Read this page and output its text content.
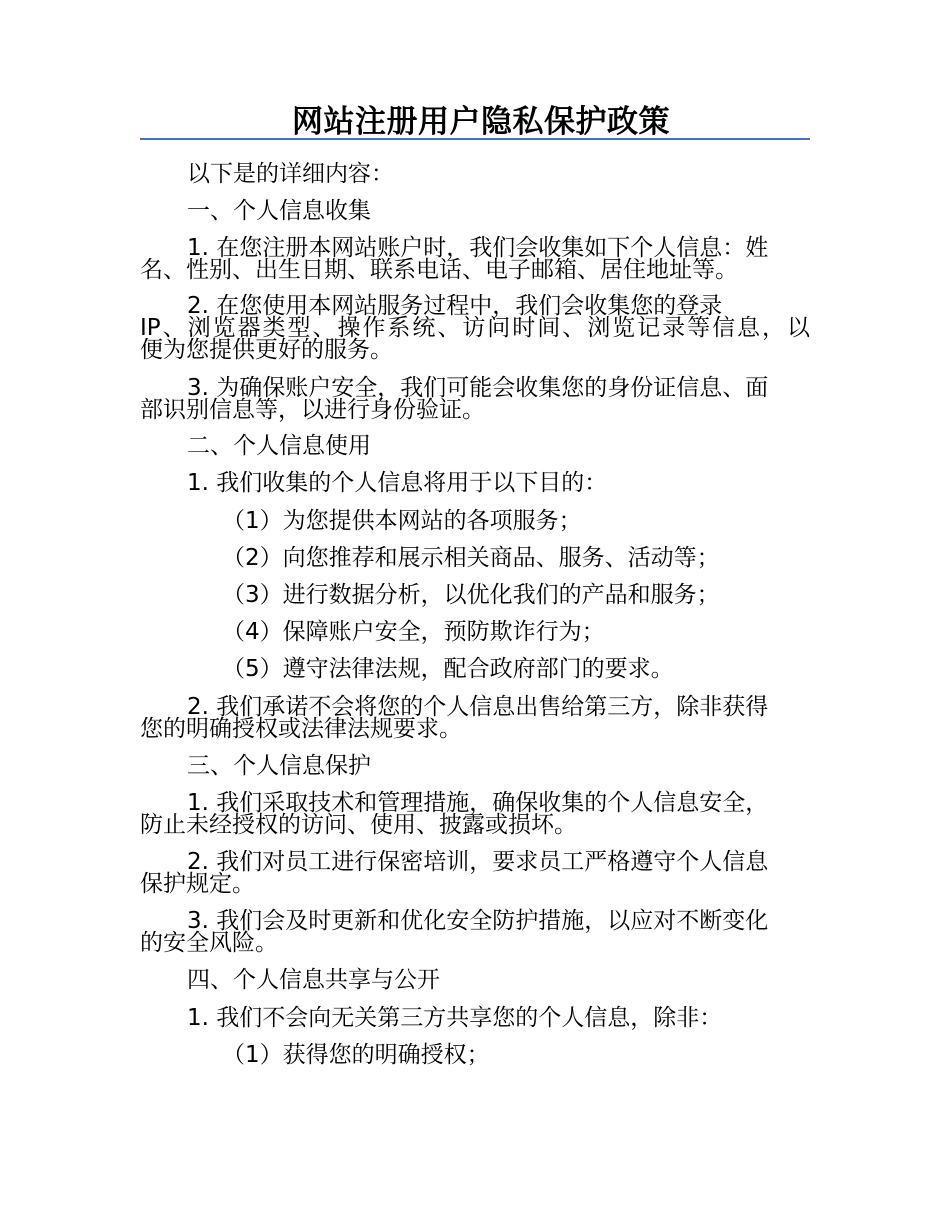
网站注册用户隐私保护政策
以下是的详细内容：
一、个人信息收集
1. 在您注册本网站账户时，我们会收集如下个人信息：姓
名、性别、出生日期、联系电话、电子邮箱、居住地址等。
2. 在您使用本网站服务过程中，我们会收集您的登录
IP、浏览器类型、操作系统、访问时间、浏览记录等信息，以
便为您提供更好的服务。
3. 为确保账户安全，我们可能会收集您的身份证信息、面
部识别信息等，以进行身份验证。
二、个人信息使用
1. 我们收集的个人信息将用于以下目的：
（1）为您提供本网站的各项服务；
（2）向您推荐和展示相关商品、服务、活动等；
（3）进行数据分析，以优化我们的产品和服务；
（4）保障账户安全，预防欺诈行为；
（5）遵守法律法规，配合政府部门的要求。
2. 我们承诺不会将您的个人信息出售给第三方，除非获得
您的明确授权或法律法规要求。
三、个人信息保护
1. 我们采取技术和管理措施，确保收集的个人信息安全，
防止未经授权的访问、使用、披露或损坏。
2. 我们对员工进行保密培训，要求员工严格遵守个人信息
保护规定。
3. 我们会及时更新和优化安全防护措施，以应对不断变化
的安全风险。
四、个人信息共享与公开
1. 我们不会向无关第三方共享您的个人信息，除非：
（1）获得您的明确授权；
